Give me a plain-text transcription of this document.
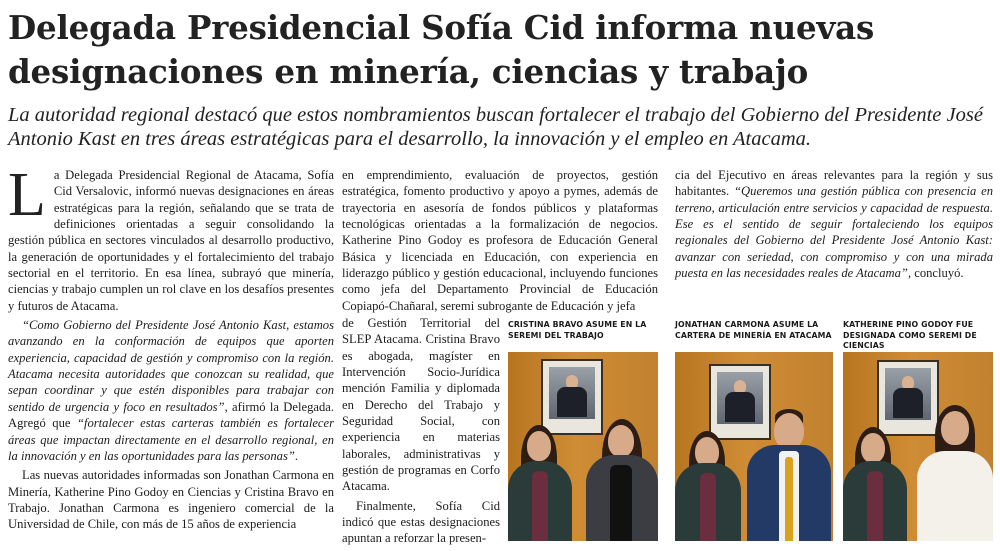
Delegada Presidencial Sofía Cid informa nuevas designaciones en minería, ciencias y trabajo

La autoridad regional destacó que estos nombramientos buscan fortalecer el trabajo del Gobierno del Presidente José Antonio Kast en tres áreas estratégicas para el desarrollo, la innovación y el empleo en Atacama.

La Delegada Presidencial Regional de Atacama, Sofía Cid Versalovic, informó nuevas designaciones en áreas estratégicas para la región, señalando que se trata de definiciones orientadas a seguir consolidando la gestión pública en sectores vinculados al desarrollo productivo, la generación de oportunidades y el fortalecimiento del trabajo sectorial en el territorio. En esa línea, subrayó que minería, ciencias y trabajo cumplen un rol clave en los desafíos presentes y futuros de Atacama.

“Como Gobierno del Presidente José Antonio Kast, estamos avanzando en la conformación de equipos que aporten experiencia, capacidad de gestión y compromiso con la región. Atacama necesita autoridades que conozcan su realidad, que sepan coordinar y que estén disponibles para trabajar con sentido de urgencia y foco en resultados”, afirmó la Delegada. Agregó que “fortalecer estas carteras también es fortalecer áreas que impactan directamente en el desarrollo regional, en la innovación y en las oportunidades para las personas”.

Las nuevas autoridades informadas son Jonathan Carmona en Minería, Katherine Pino Godoy en Ciencias y Cristina Bravo en Trabajo. Jonathan Carmona es ingeniero comercial de la Universidad de Chile, con más de 15 años de experiencia

en emprendimiento, evaluación de proyectos, gestión estratégica, fomento productivo y apoyo a pymes, además de trayectoria en asesoría de fondos públicos y plataformas tecnológicas orientadas a la formalización de negocios. Katherine Pino Godoy es profesora de Educación General Básica y licenciada en Educación, con experiencia en liderazgo público y gestión educacional, incluyendo funciones como jefa del Departamento Provincial de Educación Copiapó-Chañaral, seremi subrogante de Educación y jefa

de Gestión Territorial del SLEP Atacama. Cristina Bravo es abogada, magíster en Intervención Socio-Jurídica mención Familia y diplomada en Derecho del Trabajo y Seguridad Social, con experiencia en materias laborales, administrativas y gestión de programas en Corfo Atacama.

Finalmente, Sofía Cid indicó que estas designaciones apuntan a reforzar la presen-

cia del Ejecutivo en áreas relevantes para la región y sus habitantes. “Queremos una gestión pública con presencia en terreno, articulación entre servicios y capacidad de respuesta. Ese es el sentido de seguir fortaleciendo los equipos regionales del Gobierno del Presidente José Antonio Kast: avanzar con seriedad, con compromiso y con una mirada puesta en las necesidades reales de Atacama”, concluyó.

CRISTINA BRAVO ASUME EN LA SEREMI DEL TRABAJO
JONATHAN CARMONA ASUME LA CARTERA DE MINERÍA EN ATACAMA
KATHERINE PINO GODOY FUE DESIGNADA COMO SEREMI DE CIENCIAS
